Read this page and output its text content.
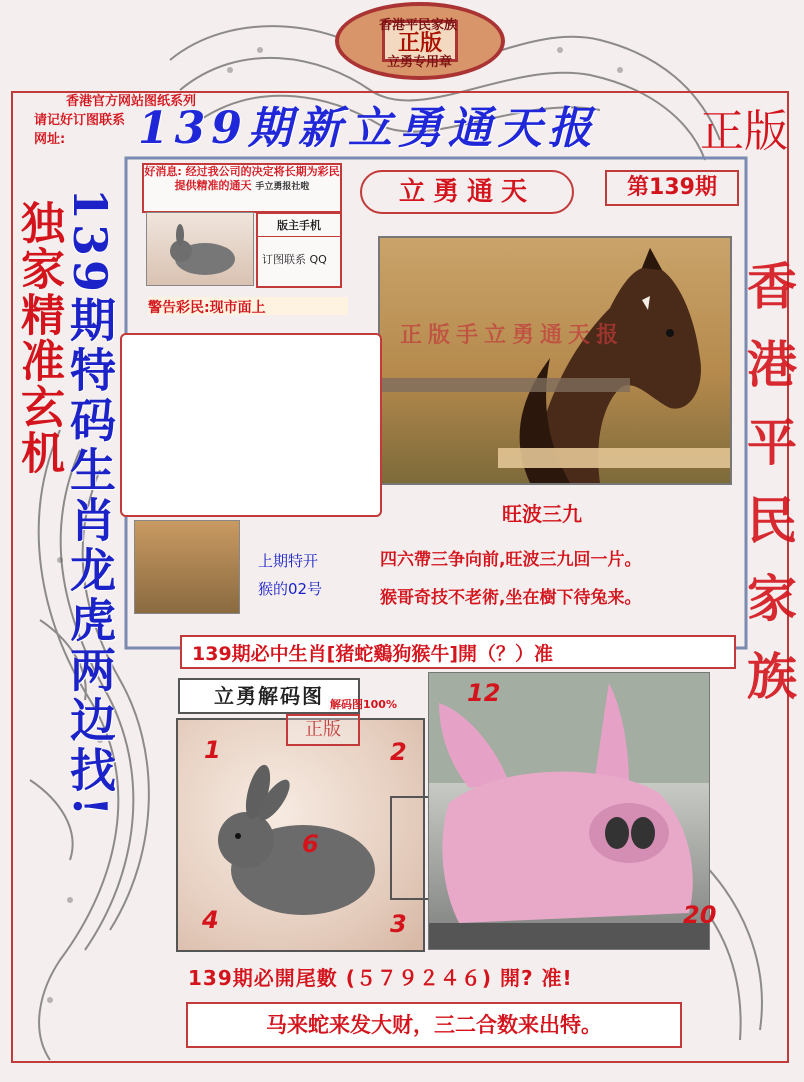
香港平民家族
正版
立勇专用章
香港官方网站图纸系列
请记好订图联系
网址: 139期新立勇通天报 正版
独家精准玄机	香港平民家族
好消息: 经过我公司的决定将长期为彩民提供精准的通天 手立勇报社啦	立勇通天	第139期
版主手机
订图联系 QQ
警告彩民:现市面上
正版手立勇通天报
139期特码生肖龙虎两边找!	旺波三九
四六帶三争向前,旺波三九回一片。
猴哥奇技不老術,坐在樹下待兔来。
上期特开
猴的02号
139期必中生肖[猪蛇鷄狗猴牛]開（？）准
立勇解码图 解码图100%
正版
1	2
6
4	3
12
20
139期必開尾數 (５７９２４６) 開? 准!
马来蛇来发大财，三二合数来出特。
